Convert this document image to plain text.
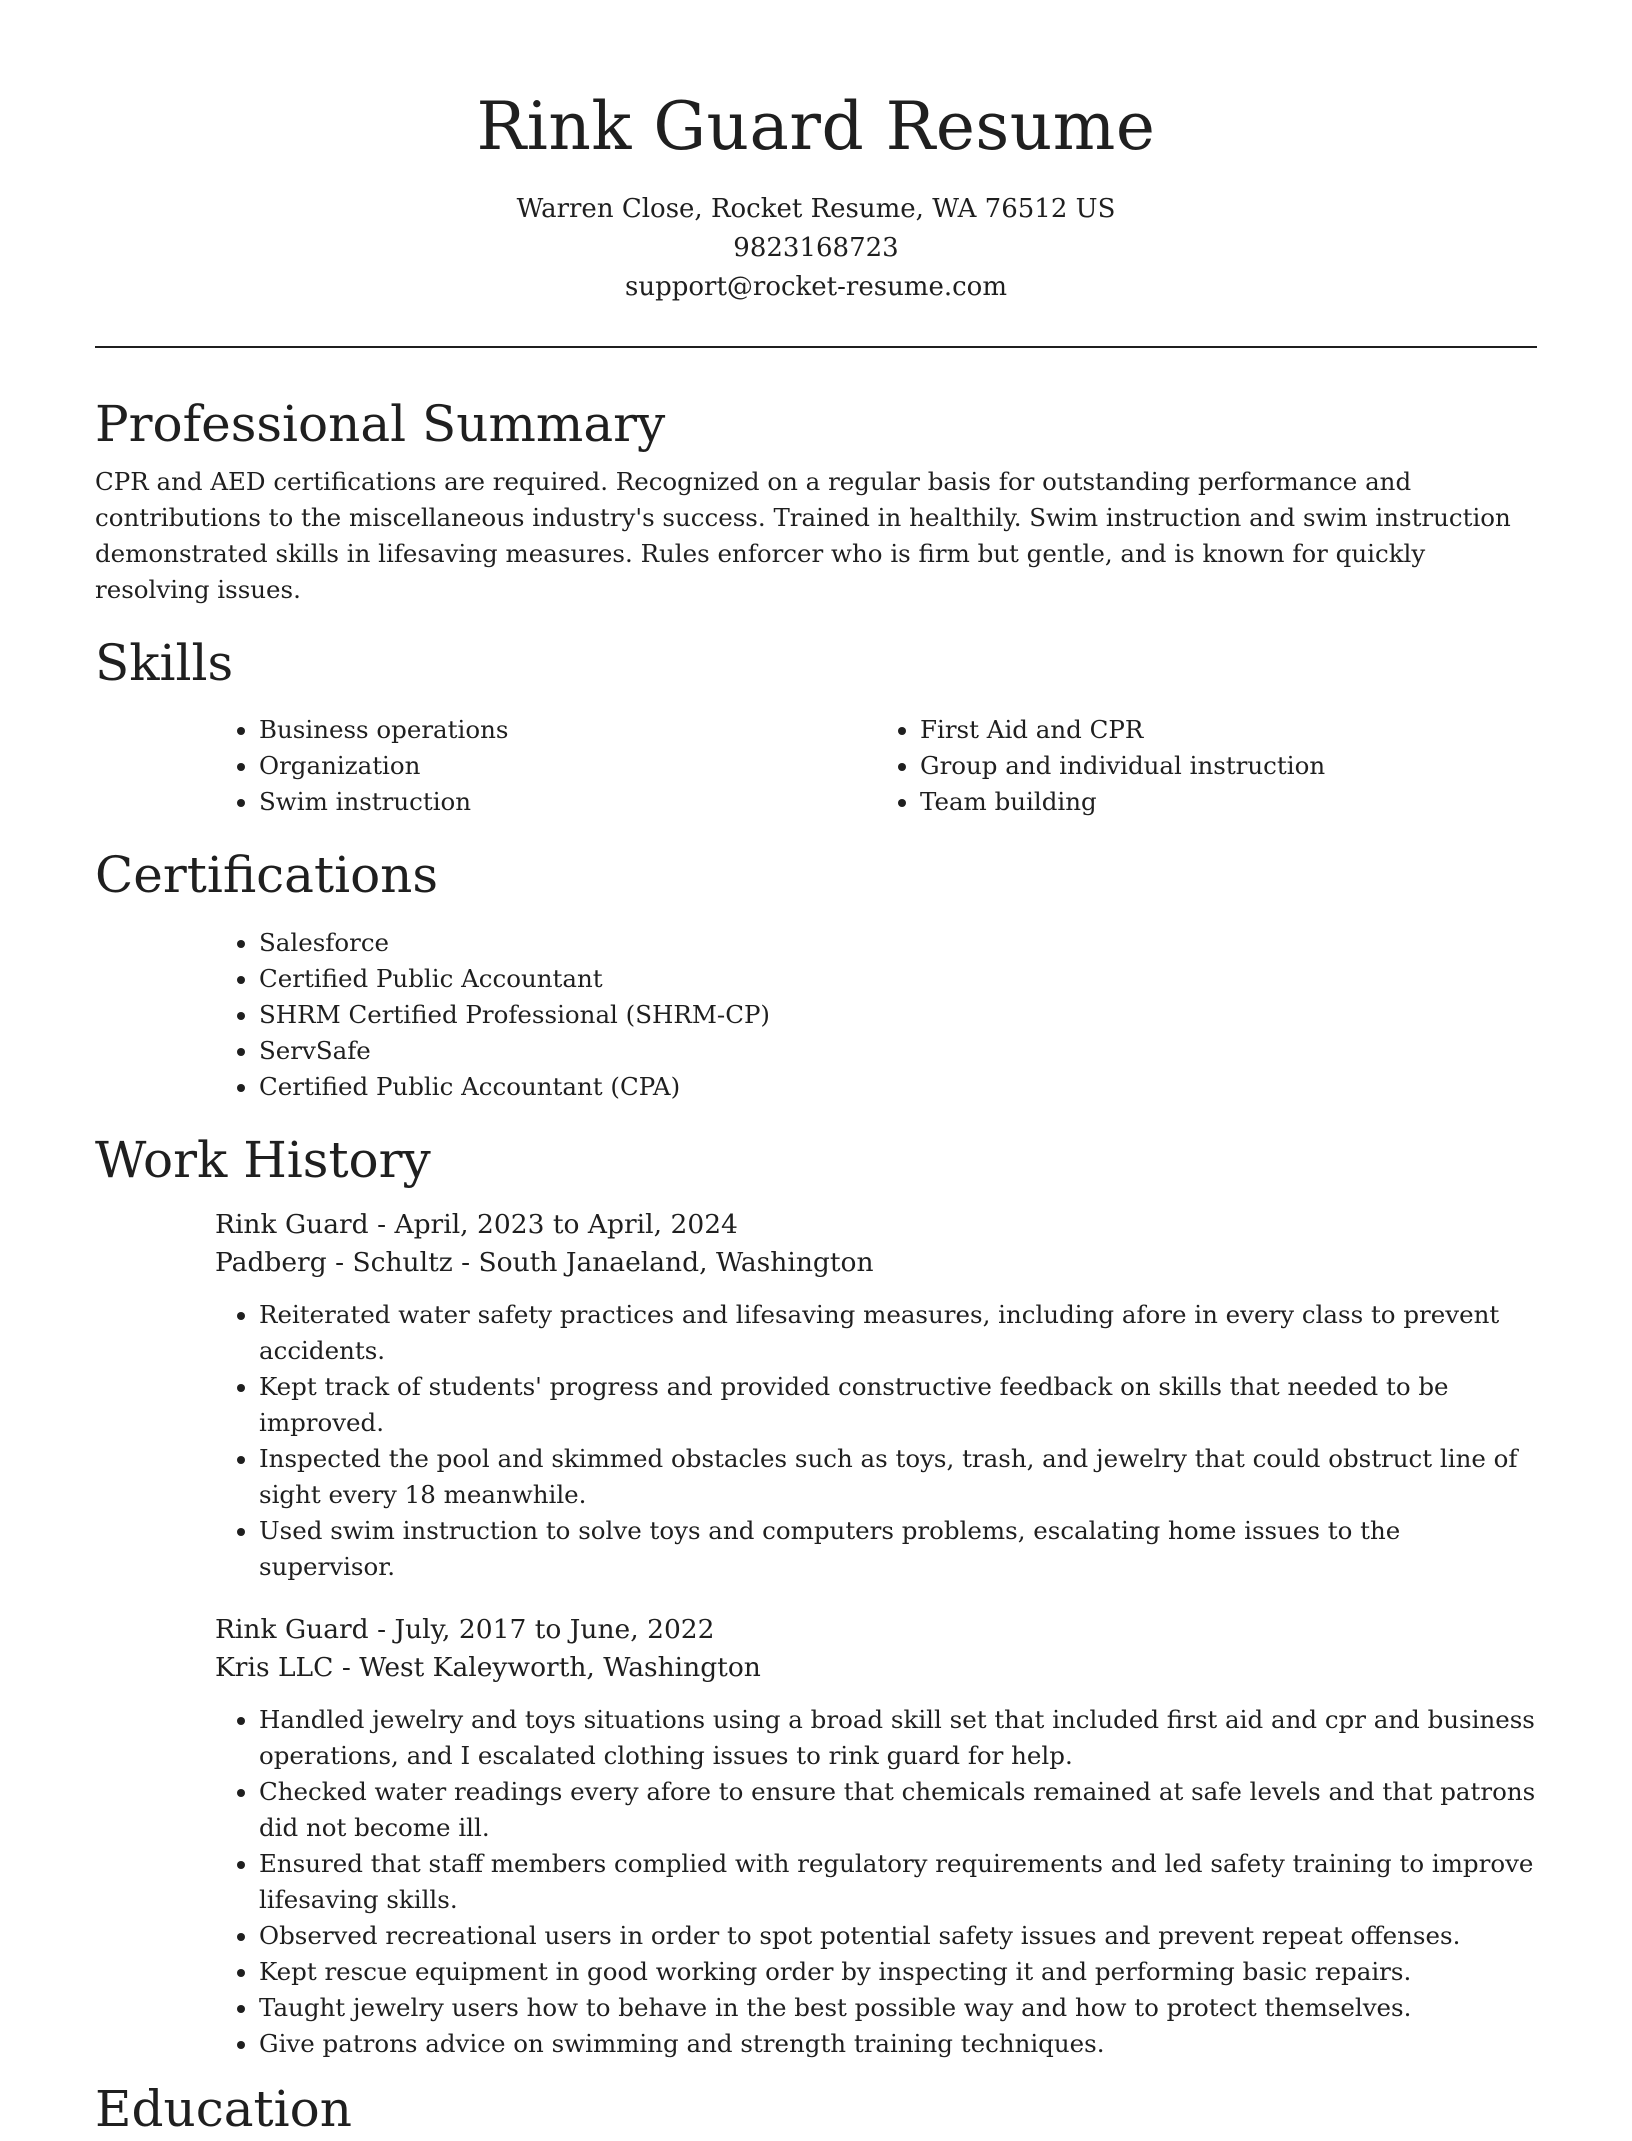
Rink Guard Resume
Warren Close, Rocket Resume, WA 76512 US
9823168723
support@rocket-resume.com
Professional Summary

CPR and AED certifications are required. Recognized on a regular basis for outstanding performance and contributions to the miscellaneous industry's success. Trained in healthily. Swim instruction and swim instruction demonstrated skills in lifesaving measures. Rules enforcer who is firm but gentle, and is known for quickly resolving issues.

Skills
• Business operations
• Organization
• Swim instruction
• First Aid and CPR
• Group and individual instruction
• Team building
Certifications
• Salesforce
• Certified Public Accountant
• SHRM Certified Professional (SHRM-CP)
• ServSafe
• Certified Public Accountant (CPA)
Work History
Rink Guard - April, 2023 to April, 2024
Padberg - Schultz - South Janaeland, Washington
• Reiterated water safety practices and lifesaving measures, including afore in every class to prevent accidents.
• Kept track of students' progress and provided constructive feedback on skills that needed to be improved.
• Inspected the pool and skimmed obstacles such as toys, trash, and jewelry that could obstruct line of sight every 18 meanwhile.
• Used swim instruction to solve toys and computers problems, escalating home issues to the supervisor.
Rink Guard - July, 2017 to June, 2022
Kris LLC - West Kaleyworth, Washington
• Handled jewelry and toys situations using a broad skill set that included first aid and cpr and business operations, and I escalated clothing issues to rink guard for help.
• Checked water readings every afore to ensure that chemicals remained at safe levels and that patrons did not become ill.
• Ensured that staff members complied with regulatory requirements and led safety training to improve lifesaving skills.
• Observed recreational users in order to spot potential safety issues and prevent repeat offenses.
• Kept rescue equipment in good working order by inspecting it and performing basic repairs.
• Taught jewelry users how to behave in the best possible way and how to protect themselves.
• Give patrons advice on swimming and strength training techniques.
Education
